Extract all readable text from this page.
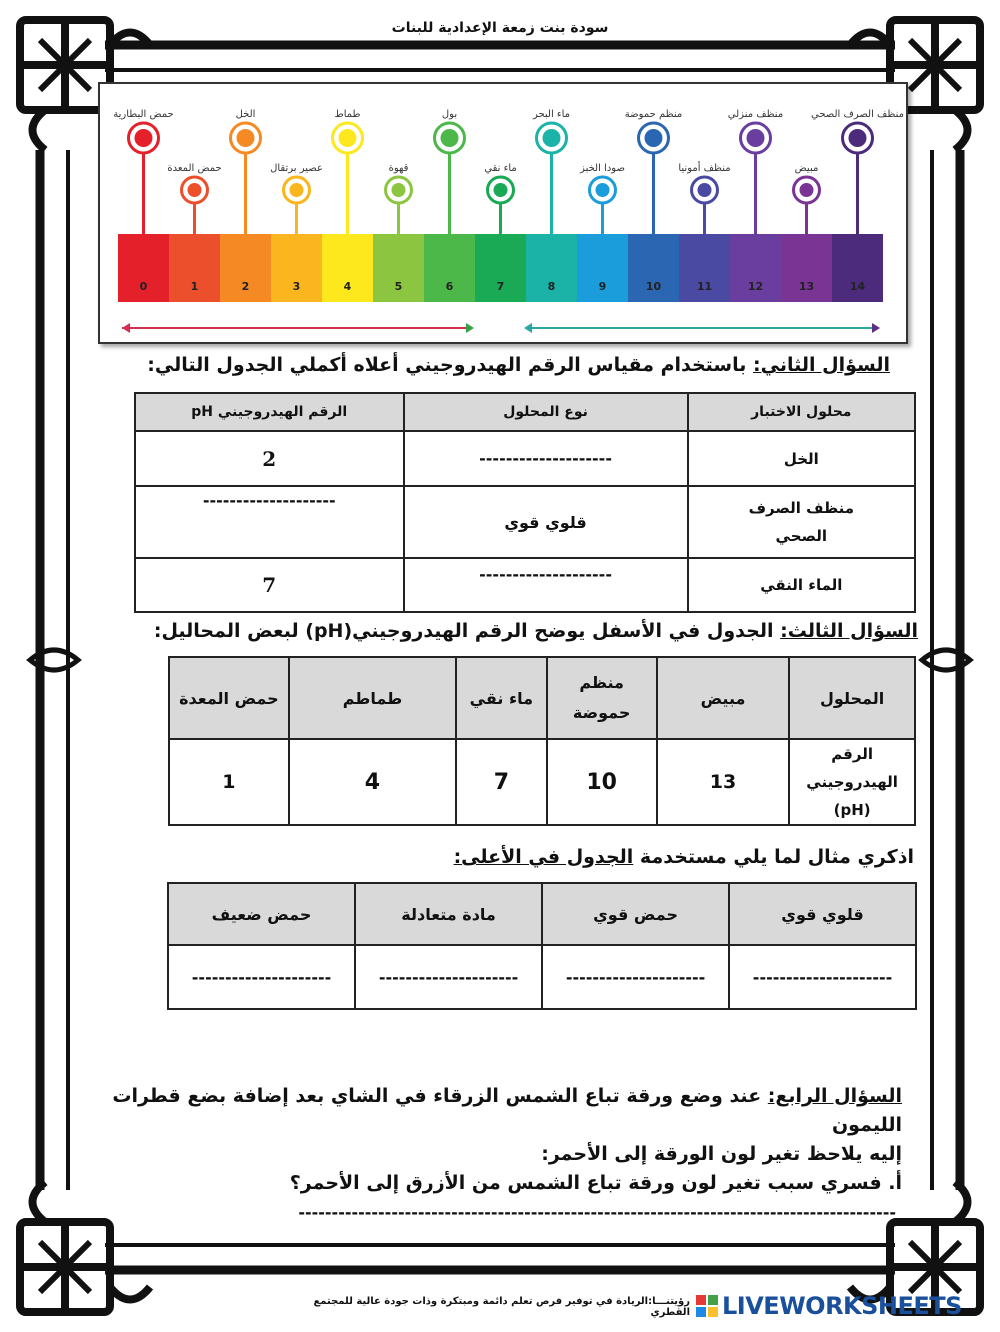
سودة بنت زمعة الإعدادية للبنات
0	1	2	3	4	5	6	7	8	9	10	11	12	13	14
حمض البطارية	الخل	طماط	بول	ماء البحر	منظم حموضة	منظف منزلي	منظف الصرف الصحي
حمض المعدة	عصير برتقال	قهوة	ماء نقي	صودا الخبز	منظف أمونيا	مبيض
السؤال الثاني: باستخدام مقياس الرقم الهيدروجيني أعلاه أكملي الجدول التالي:
محلول الاختبار	نوع المحلول	الرقم الهيدروجيني pH
الخل	--------------------	2
منظف الصرف الصحي	قلوي قوي	--------------------
الماء النقي	--------------------	7
السؤال الثالث: الجدول في الأسفل يوضح الرقم الهيدروجيني(pH) لبعض المحاليل:
المحلول	مبيض	منظم حموضة	ماء نقي	طماطم	حمض المعدة
الرقم الهيدروجيني (pH)	13	10	7	4	1
اذكري مثال لما يلي مستخدمة الجدول في الأعلى:
قلوي قوي	حمض قوي	مادة متعادلة	حمض ضعيف
---------------------	---------------------	---------------------	---------------------
السؤال الرابع: عند وضع ورقة تباع الشمس الزرقاء في الشاي بعد إضافة بضع قطرات الليمون
إليه يلاحظ تغير لون الورقة إلى الأحمر:
أ. فسري سبب تغير لون ورقة تباع الشمس من الأزرق إلى الأحمر؟
------------------------------------------------------------------------------------------
رؤيتنـــا:الريادة في توفير فرص تعلم دائمة ومبتكرة وذات جودة عالية للمجتمع القطري	LIVEWORKSHEETS
